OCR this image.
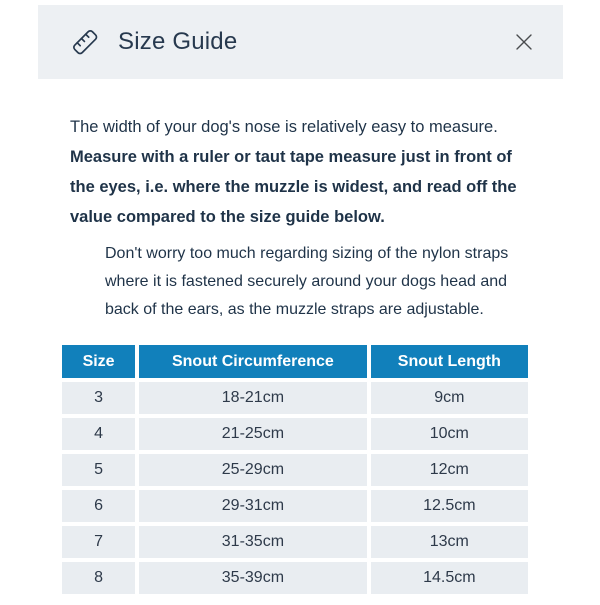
Size Guide

The width of your dog's nose is relatively easy to measure. Measure with a ruler or taut tape measure just in front of the eyes, i.e. where the muzzle is widest, and read off the value compared to the size guide below.

Don't worry too much regarding sizing of the nylon straps where it is fastened securely around your dogs head and back of the ears, as the muzzle straps are adjustable.

Size	Snout Circumference	Snout Length
3	18-21cm	9cm
4	21-25cm	10cm
5	25-29cm	12cm
6	29-31cm	12.5cm
7	31-35cm	13cm
8	35-39cm	14.5cm
